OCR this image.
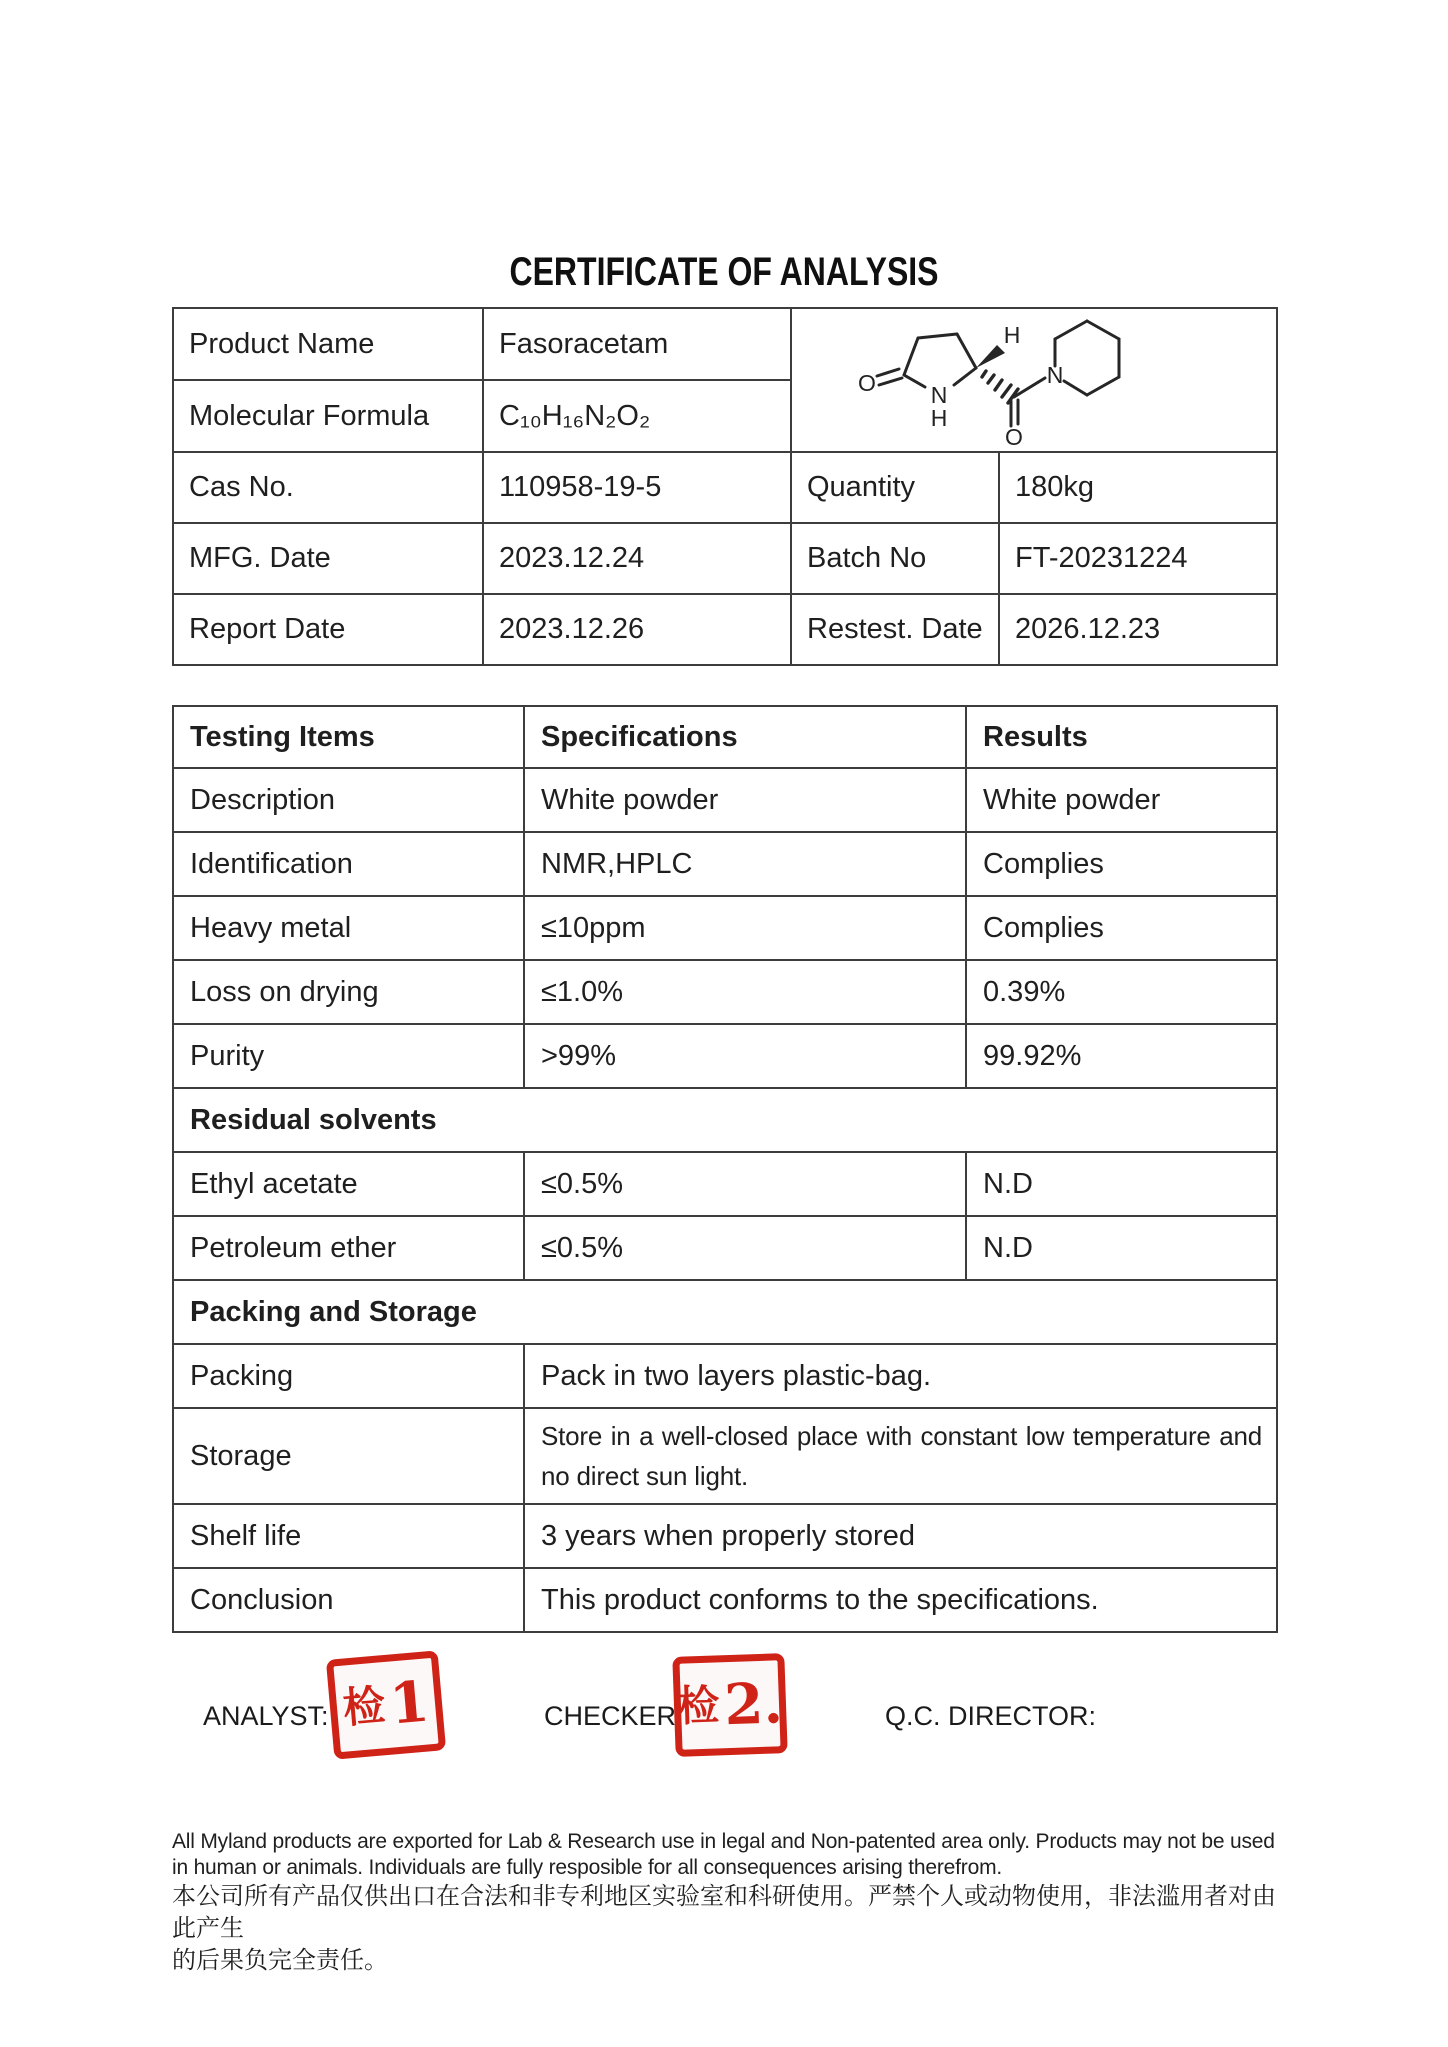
CERTIFICATE OF ANALYSIS
Product Name	Fasoracetam	
O N
H
H
O
N

Molecular Formula	C₁₀H₁₆N₂O₂		
Cas No.	110958-19-5	Quantity	180kg
MFG. Date	2023.12.24	Batch No	FT-20231224
Report Date	2023.12.26	Restest. Date	2026.12.23
Testing Items	Specifications	Results
Description	White powder	White powder
Identification	NMR,HPLC	Complies
Heavy metal	≤10ppm	Complies
Loss on drying	≤1.0%	0.39%
Purity	>99%	99.92%
Residual solvents		
Ethyl acetate	≤0.5%	N.D
Petroleum ether	≤0.5%	N.D
Packing and Storage		
Packing	Pack in two layers plastic-bag.	
Storage	Store in a well-closed place with constant low temperature and no direct sun light.	
Shelf life	3 years when properly stored	
Conclusion	This product conforms to the specifications.	
ANALYST: 检 1	CHECKER:
检 2.	Q.C. DIRECTOR:
All Myland products are exported for Lab & Research use in legal and Non-patented area only. Products may not be used
in human or animals. Individuals are fully resposible for all consequences arising therefrom.
本公司所有产品仅供出口在合法和非专利地区实验室和科研使用。严禁个人或动物使用，非法滥用者对由此产生
的后果负完全责任。
